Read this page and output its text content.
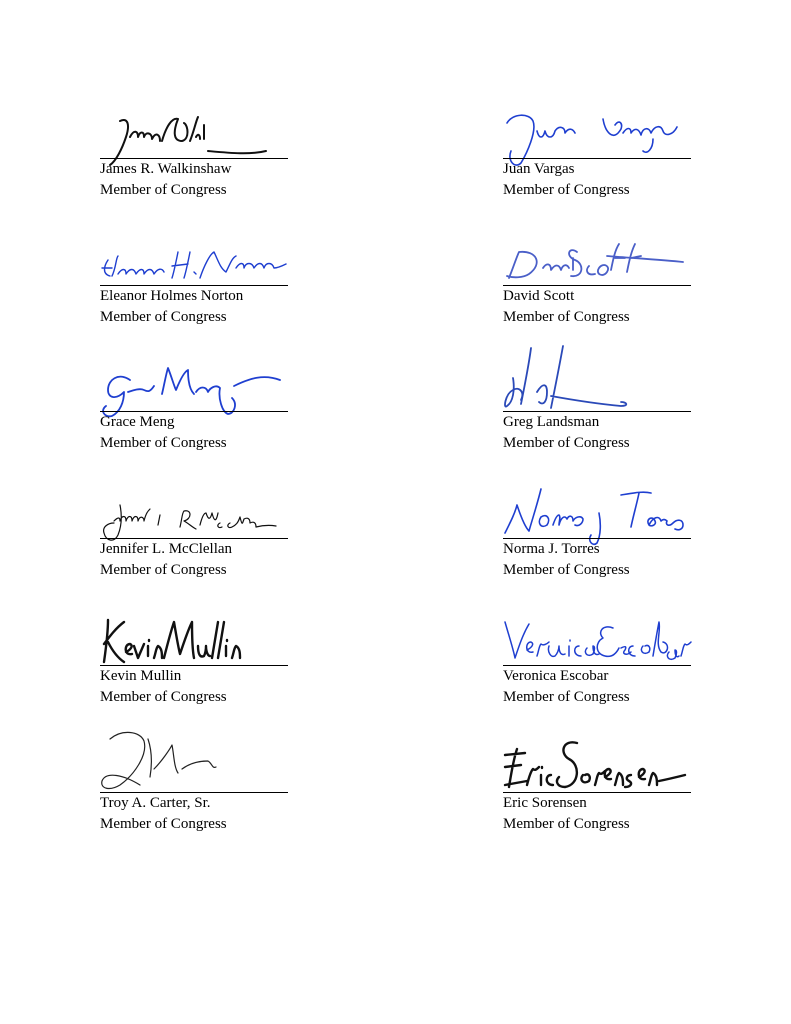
James R. Walkinshaw
Member of Congress
Juan Vargas
Member of Congress
Eleanor Holmes Norton
Member of Congress
David Scott
Member of Congress
Grace Meng
Member of Congress
Greg Landsman
Member of Congress
Jennifer L. McClellan
Member of Congress
Norma J. Torres
Member of Congress
Kevin Mullin
Member of Congress
Veronica Escobar
Member of Congress
Troy A. Carter, Sr.
Member of Congress
Eric Sorensen
Member of Congress
